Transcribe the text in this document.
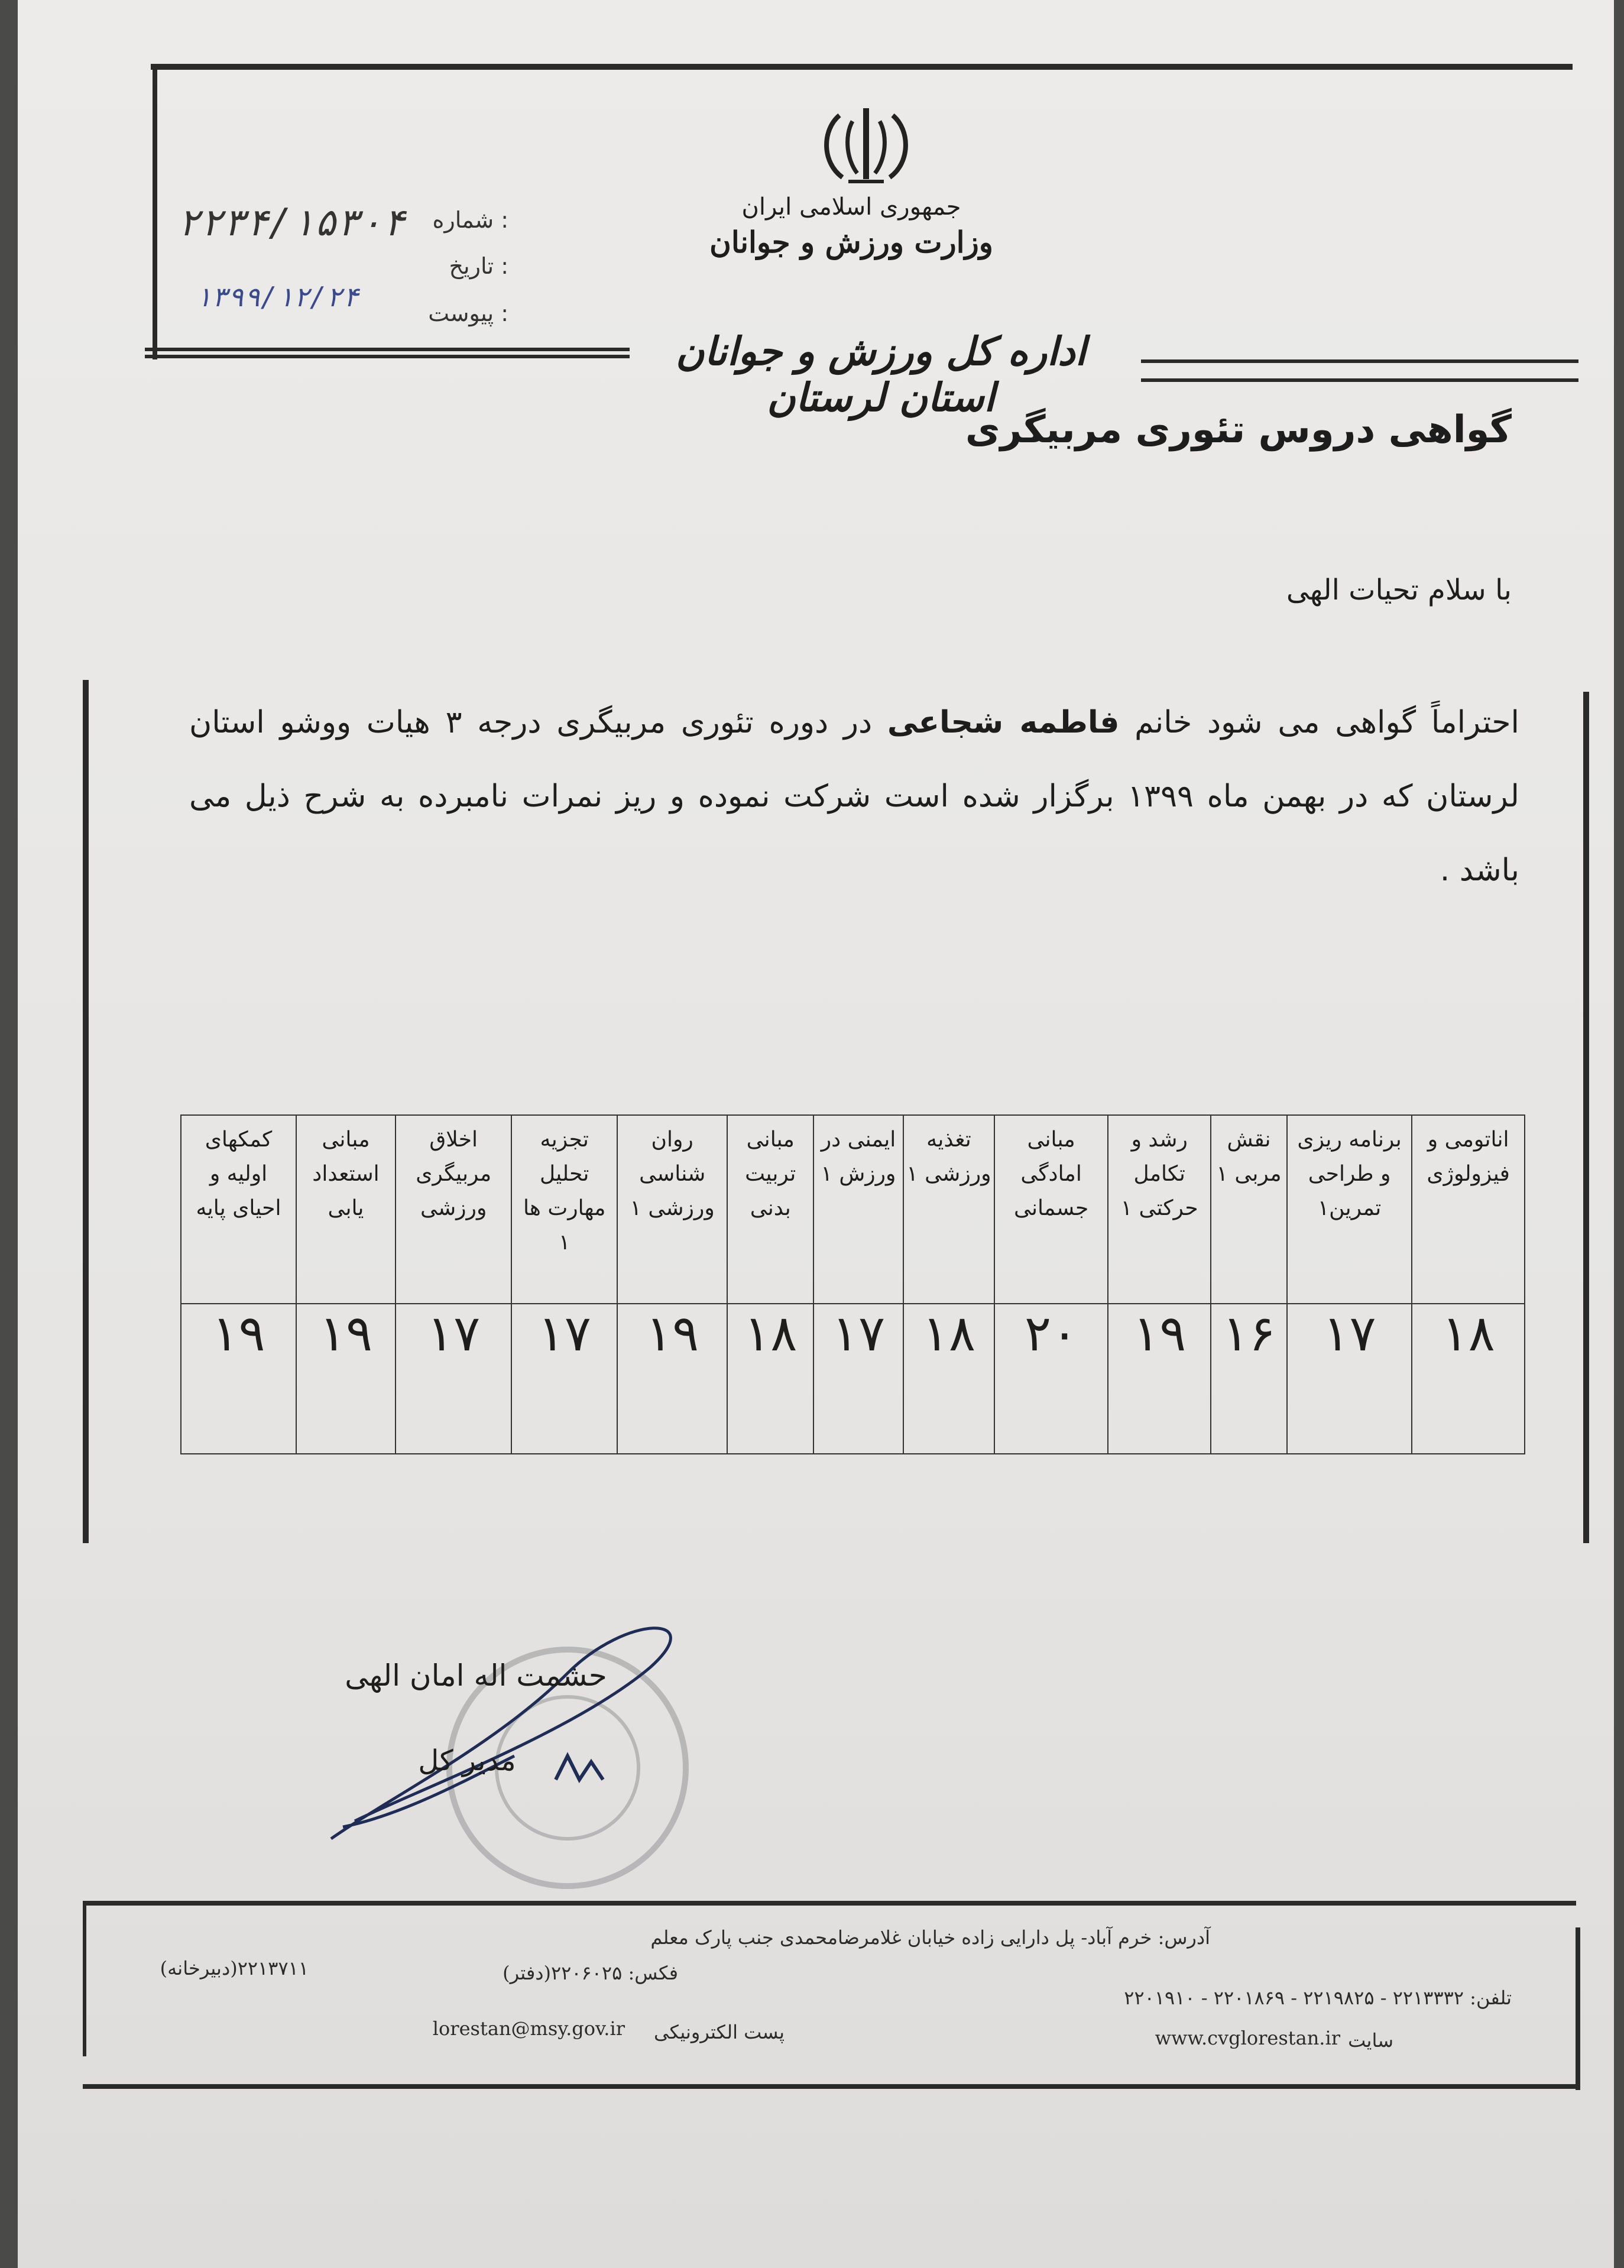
جمهوری اسلامی ایران
وزارت ورزش و جوانان
شماره :
۲۲۳۴/۱۵۳۰۴
تاریخ :
پیوست :
۱۳۹۹/۱۲/۲۴
اداره کل ورزش و جوانان استان لرستان
گواهی دروس تئوری مربیگری
با سلام تحیات الهی
احتراماً گواهی می شود خانم فاطمه شجاعی در دوره تئوری مربیگری درجه ۳ هیات ووشو استان لرستان که در بهمن ماه ۱۳۹۹ برگزار شده است شرکت نموده و ریز نمرات نامبرده به شرح ذیل می باشد .
اناتومی و فیزولوژی	برنامه ریزی و طراحی تمرین۱	نقش مربی ۱	رشد و تکامل حرکتی ۱	مبانی امادگی جسمانی	تغذیه ورزشی ۱	ایمنی در ورزش ۱	مبانی تربیت بدنی	روان شناسی ورزشی ۱	تجزیه تحلیل مهارت ها ۱	اخلاق مربیگری ورزشی	مبانی استعداد یابی	کمکهای اولیه و احیای پایه
۱۸	۱۷	۱۶	۱۹	۲۰	۱۸	۱۷	۱۸	۱۹	۱۷	۱۷	۱۹	۱۹
حشمت اله امان الهی
مدیر کل
آدرس: خرم آباد- پل دارایی زاده خیابان غلامرضامحمدی جنب پارک معلم
تلفن: ۲۲۱۳۳۳۲ - ۲۲۱۹۸۲۵ - ۲۲۰۱۸۶۹ - ۲۲۰۱۹۱۰
فکس: ۲۲۰۶۰۲۵(دفتر)
۲۲۱۳۷۱۱(دبیرخانه)
پست الکترونیکی
lorestan@msy.gov.ir
سایت
www.cvglorestan.ir
